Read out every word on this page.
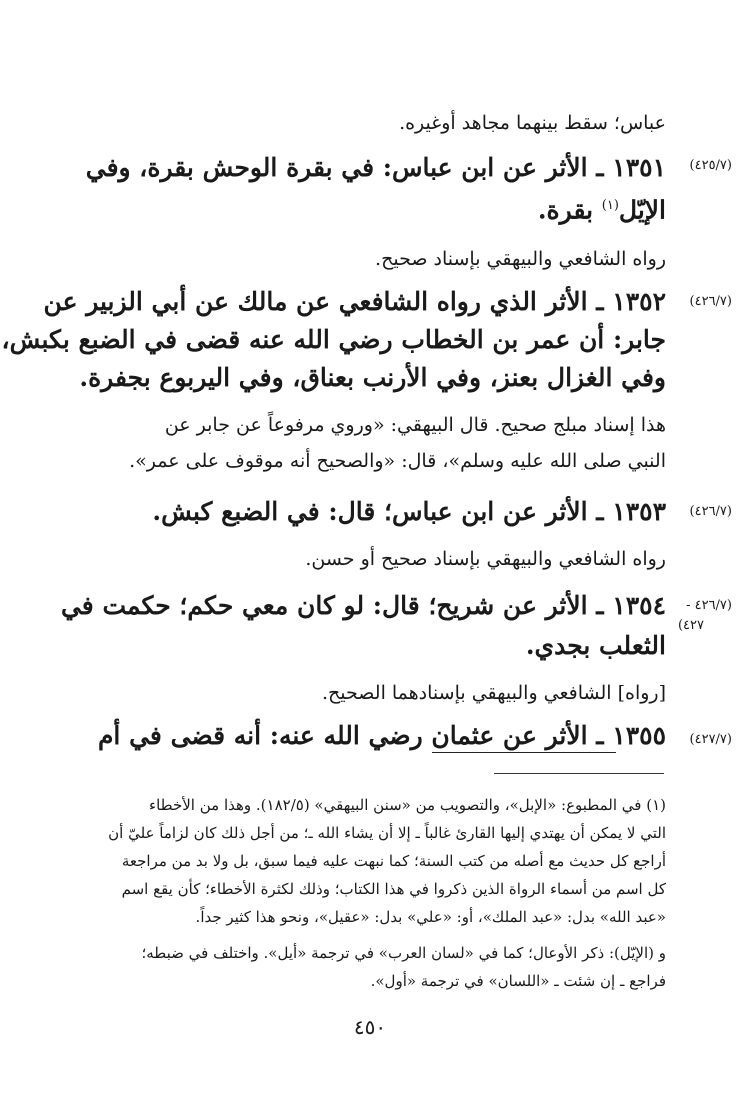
عباس؛ سقط بينهما مجاهد أوغيره.
(٤٢٥/٧)
١٣٥١ ـ الأثر عن ابن عباس: في بقرة الوحش بقرة، وفي
الإيّل$^{(١)}$ بقرة.
رواه الشافعي والبيهقي بإسناد صحيح.
(٤٢٦/٧)
١٣٥٢ ـ الأثر الذي رواه الشافعي عن مالك عن أبي الزبير عن
جابر: أن عمر بن الخطاب رضي الله عنه قضى في الضبع بكبش،
وفي الغزال بعنز، وفي الأرنب بعناق، وفي اليربوع بجفرة.
هذا إسناد مبلج صحيح. قال البيهقي: «وروي مرفوعاً عن جابر عن
النبي صلى الله عليه وسلم»، قال: «والصحيح أنه موقوف على عمر».
(٤٢٦/٧)
١٣٥٣ ـ الأثر عن ابن عباس؛ قال: في الضبع كبش.
رواه الشافعي والبيهقي بإسناد صحيح أو حسن.
(٤٢٦/٧ -
٤٢٧)
١٣٥٤ ـ الأثر عن شريح؛ قال: لو كان معي حكم؛ حكمت في
الثعلب بجدي.
[رواه] الشافعي والبيهقي بإسنادهما الصحيح.
(٤٢٧/٧)
١٣٥٥ ـ الأثر عن عثمان رضي الله عنه: أنه قضى في أم
(١) في المطبوع: «الإبل»، والتصويب من «سنن البيهقي» (١٨٢/٥). وهذا من الأخطاء
التي لا يمكن أن يهتدي إليها القارئ غالباً ـ إلا أن يشاء الله ـ؛ من أجل ذلك كان لزاماً عليّ أن
أراجع كل حديث مع أصله من كتب السنة؛ كما نبهت عليه فيما سبق، بل ولا بد من مراجعة
كل اسم من أسماء الرواة الذين ذكروا في هذا الكتاب؛ وذلك لكثرة الأخطاء؛ كأن يقع اسم
«عبد الله» بدل: «عبد الملك»، أو: «علي» بدل: «عقيل»، ونحو هذا كثير جداً.
و (الإيّل): ذكر الأوعال؛ كما في «لسان العرب» في ترجمة «أيل». واختلف في ضبطه؛
فراجع ـ إن شئت ـ «اللسان» في ترجمة «أول».
٤٥٠
